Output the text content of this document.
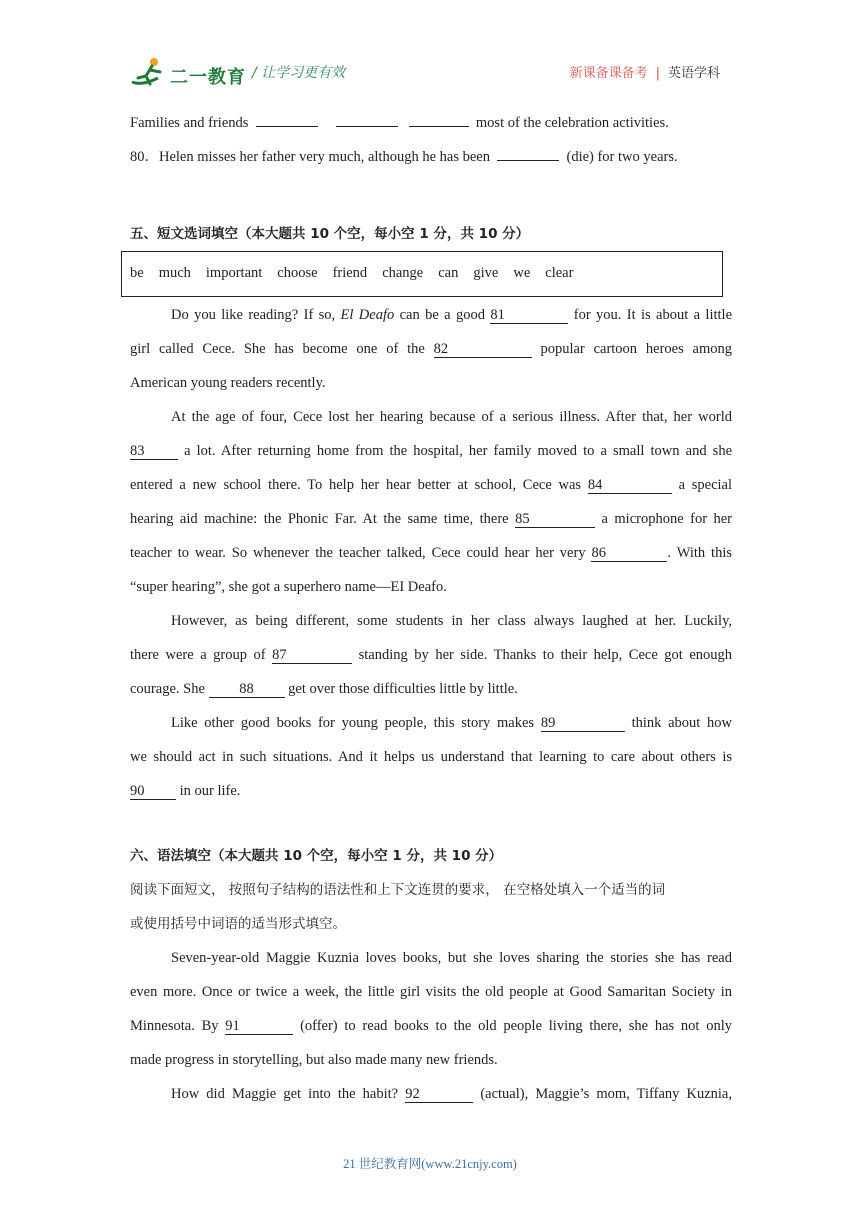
二一教育 / 让学习更有效	新课备课备考 | 英语学科
Families and friends	most of the celebration activities.
80．Helen misses her father very much, although he has been	(die) for two years.
五、短文选词填空（本大题共 10 个空，每小空 1 分，共 10 分）
be much important choose friend change can give we clear
Do you like reading? If so, El Deafo can be a good 81	for you. It is about a little
girl called Cece. She has become one of the 82	popular cartoon heroes among
American young readers recently.
At the age of four, Cece lost her hearing because of a serious illness. After that, her world
83	a lot. After returning home from the hospital, her family moved to a small town and she
entered a new school there. To help her hear better at school, Cece was 84	a special
hearing aid machine: the Phonic Far. At the same time, there 85	a microphone for her
teacher to wear. So whenever the teacher talked, Cece could hear her very 86	. With this
“super hearing”, she got a superhero name—EI Deafo.
However, as being different, some students in her class always laughed at her. Luckily,
there were a group of 87	standing by her side. Thanks to their help, Cece got enough
courage. She 88 get over those difficulties little by little.
Like other good books for young people, this story makes 89	think about how
we should act in such situations. And it helps us understand that learning to care about others is
90 in our life.
六、语法填空（本大题共 10 个空，每小空 1 分，共 10 分）
阅读下面短文， 按照句子结构的语法性和上下文连贯的要求， 在空格处填入一个适当的词
或使用括号中词语的适当形式填空。
Seven-year-old Maggie Kuznia loves books, but she loves sharing the stories she has read
even more. Once or twice a week, the little girl visits the old people at Good Samaritan Society in
Minnesota. By 91	(offer) to read books to the old people living there, she has not only
made progress in storytelling, but also made many new friends.
How did Maggie get into the habit? 92	(actual), Maggie’s mom, Tiffany Kuznia,
21 世纪教育网(www.21cnjy.com)
